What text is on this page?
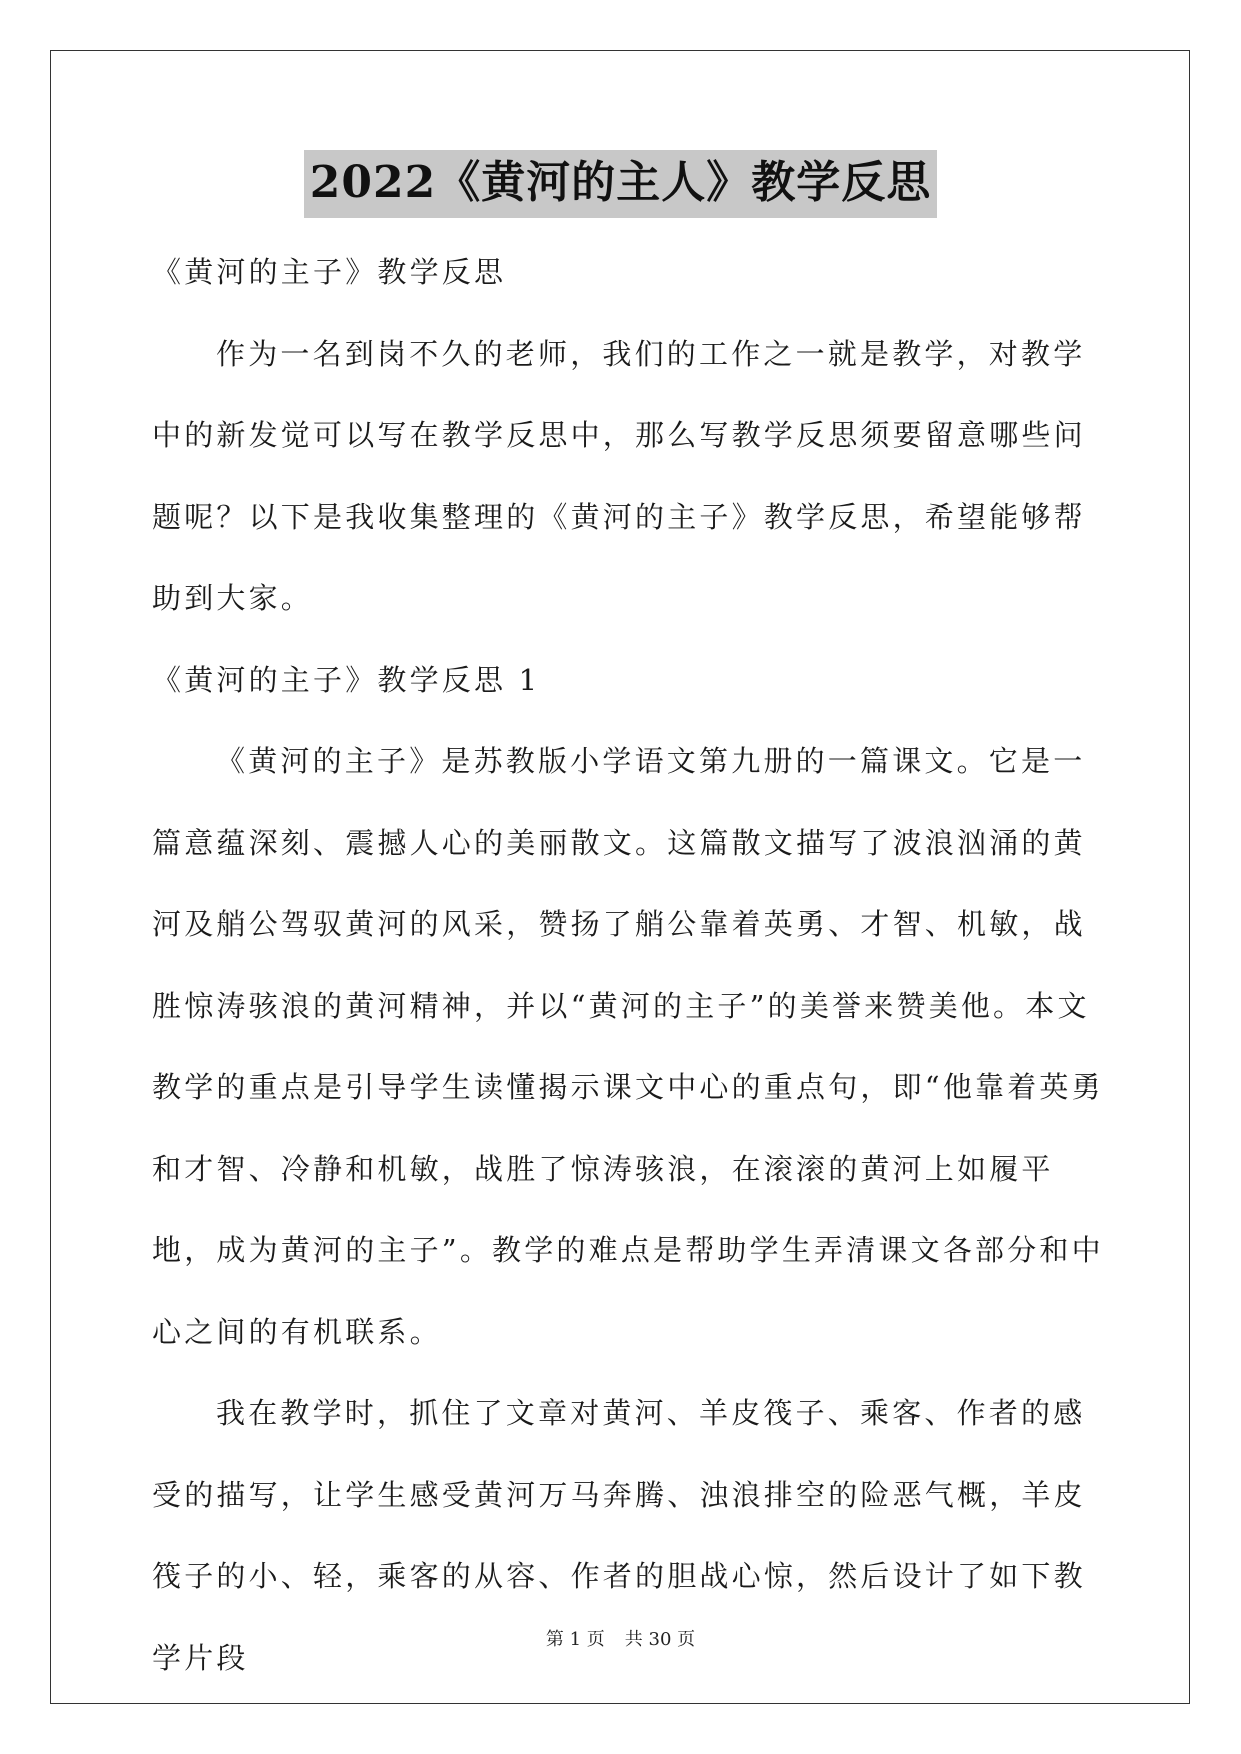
2022《黄河的主人》教学反思

《黄河的主子》教学反思

作为一名到岗不久的老师，我们的工作之一就是教学，对教学中的新发觉可以写在教学反思中，那么写教学反思须要留意哪些问题呢？以下是我收集整理的《黄河的主子》教学反思，希望能够帮助到大家。

《黄河的主子》教学反思 1

《黄河的主子》是苏教版小学语文第九册的一篇课文。它是一篇意蕴深刻、震撼人心的美丽散文。这篇散文描写了波浪汹涌的黄河及艄公驾驭黄河的风采，赞扬了艄公靠着英勇、才智、机敏，战胜惊涛骇浪的黄河精神，并以“黄河的主子”的美誉来赞美他。本文教学的重点是引导学生读懂揭示课文中心的重点句，即“他靠着英勇和才智、冷静和机敏，战胜了惊涛骇浪，在滚滚的黄河上如履平地，成为黄河的主子”。教学的难点是帮助学生弄清课文各部分和中心之间的有机联系。

我在教学时，抓住了文章对黄河、羊皮筏子、乘客、作者的感受的描写，让学生感受黄河万马奔腾、浊浪排空的险恶气概，羊皮筏子的小、轻，乘客的从容、作者的胆战心惊，然后设计了如下教学片段

第 1 页 共 30 页
